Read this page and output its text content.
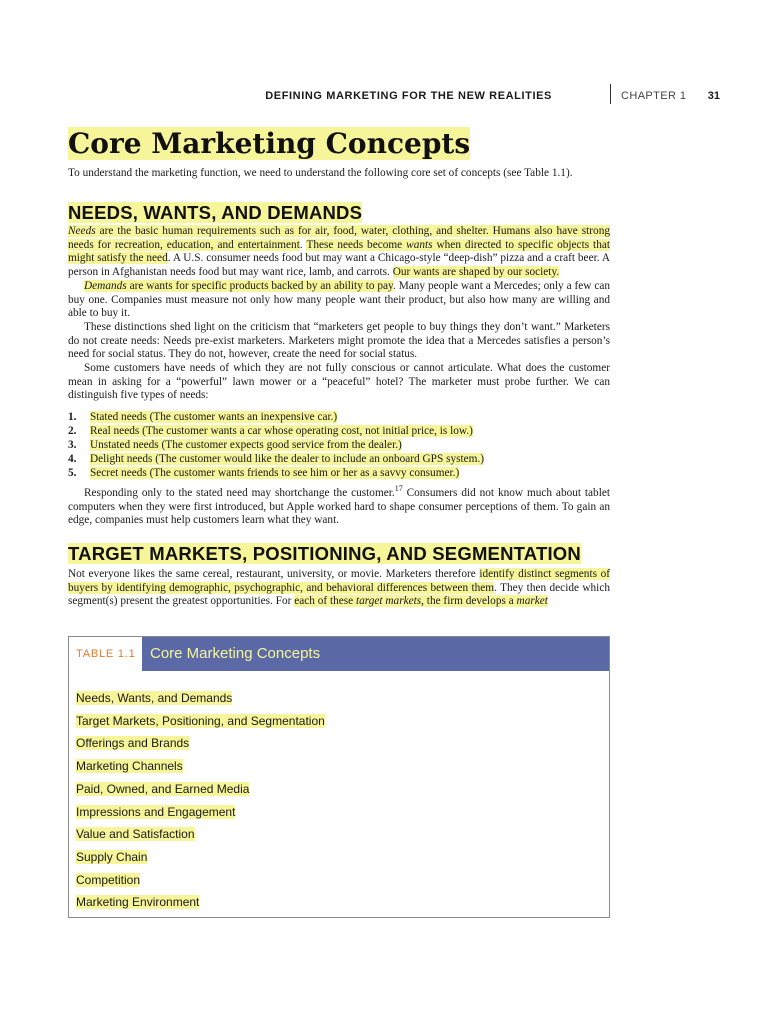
DEFINING MARKETING FOR THE NEW REALITIES	CHAPTER 1 31
Core Marketing Concepts

To understand the marketing function, we need to understand the following core set of concepts (see Table 1.1).

NEEDS, WANTS, AND DEMANDS

Needs are the basic human requirements such as for air, food, water, clothing, and shelter. Humans also have strong needs for recreation, education, and entertainment. These needs become wants when directed to specific objects that might satisfy the need. A U.S. consumer needs food but may want a Chicago-style “deep-dish” pizza and a craft beer. A person in Afghanistan needs food but may want rice, lamb, and carrots. Our wants are shaped by our society.

Demands are wants for specific products backed by an ability to pay. Many people want a Mercedes; only a few can buy one. Companies must measure not only how many people want their product, but also how many are willing and able to buy it.

These distinctions shed light on the criticism that “marketers get people to buy things they don’t want.” Marketers do not create needs: Needs pre-exist marketers. Marketers might promote the idea that a Mercedes satisfies a person’s need for social status. They do not, however, create the need for social status.

Some customers have needs of which they are not fully conscious or cannot articulate. What does the customer mean in asking for a “powerful” lawn mower or a “peaceful” hotel? The marketer must probe further. We can distinguish five types of needs:

1. Stated needs (The customer wants an inexpensive car.)
2. Real needs (The customer wants a car whose operating cost, not initial price, is low.)
3. Unstated needs (The customer expects good service from the dealer.)
4. Delight needs (The customer would like the dealer to include an onboard GPS system.)
5. Secret needs (The customer wants friends to see him or her as a savvy consumer.)

Responding only to the stated need may shortchange the customer.$^{17}$ Consumers did not know much about tablet computers when they were first introduced, but Apple worked hard to shape consumer perceptions of them. To gain an edge, companies must help customers learn what they want.

TARGET MARKETS, POSITIONING, AND SEGMENTATION

Not everyone likes the same cereal, restaurant, university, or movie. Marketers therefore identify distinct segments of buyers by identifying demographic, psychographic, and behavioral differences between them. They then decide which segment(s) present the greatest opportunities. For each of these target markets, the firm develops a market

TABLE 1.1 Core Marketing Concepts
Needs, Wants, and Demands
Target Markets, Positioning, and Segmentation
Offerings and Brands
Marketing Channels
Paid, Owned, and Earned Media
Impressions and Engagement
Value and Satisfaction
Supply Chain
Competition
Marketing Environment
